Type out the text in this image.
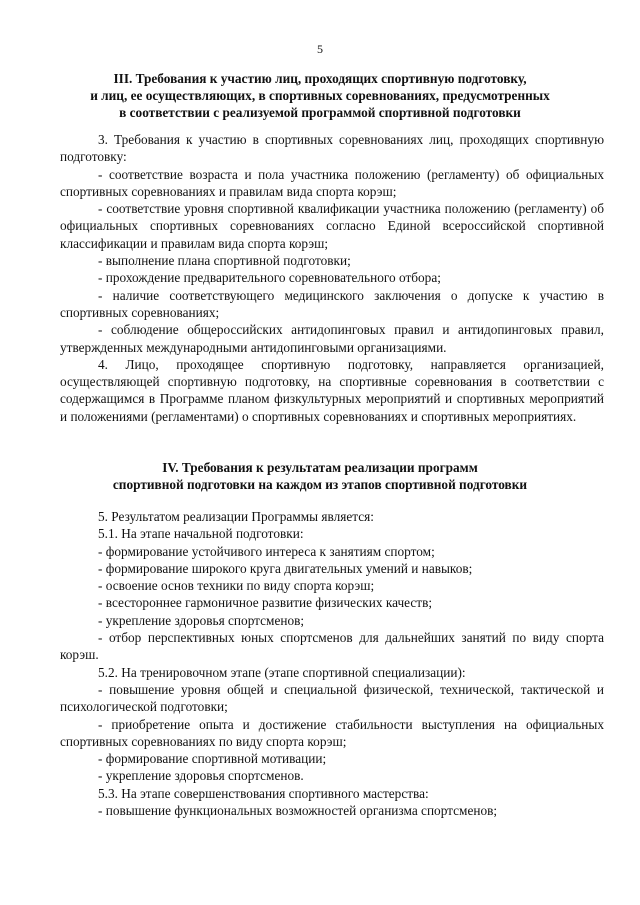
5
III. Требования к участию лиц, проходящих спортивную подготовку,
и лиц, ее осуществляющих, в спортивных соревнованиях, предусмотренных
в соответствии с реализуемой программой спортивной подготовки

3. Требования к участию в спортивных соревнованиях лиц, проходящих спортивную подготовку:

- соответствие возраста и пола участника положению (регламенту) об официальных спортивных соревнованиях и правилам вида спорта корэш;

- соответствие уровня спортивной квалификации участника положению (регламенту) об официальных спортивных соревнованиях согласно Единой всероссийской спортивной классификации и правилам вида спорта корэш;

- выполнение плана спортивной подготовки;

- прохождение предварительного соревновательного отбора;

- наличие соответствующего медицинского заключения о допуске к участию в спортивных соревнованиях;

- соблюдение общероссийских антидопинговых правил и антидопинговых правил, утвержденных международными антидопинговыми организациями.

4. Лицо, проходящее спортивную подготовку, направляется организацией, осуществляющей спортивную подготовку, на спортивные соревнования в соответствии с содержащимся в Программе планом физкультурных мероприятий и спортивных мероприятий и положениями (регламентами) о спортивных соревнованиях и спортивных мероприятиях.

IV. Требования к результатам реализации программ
спортивной подготовки на каждом из этапов спортивной подготовки

5. Результатом реализации Программы является:

5.1. На этапе начальной подготовки:

- формирование устойчивого интереса к занятиям спортом;

- формирование широкого круга двигательных умений и навыков;

- освоение основ техники по виду спорта корэш;

- всестороннее гармоничное развитие физических качеств;

- укрепление здоровья спортсменов;

- отбор перспективных юных спортсменов для дальнейших занятий по виду спорта корэш.

5.2. На тренировочном этапе (этапе спортивной специализации):

- повышение уровня общей и специальной физической, технической, тактической и психологической подготовки;

- приобретение опыта и достижение стабильности выступления на официальных спортивных соревнованиях по виду спорта корэш;

- формирование спортивной мотивации;

- укрепление здоровья спортсменов.

5.3. На этапе совершенствования спортивного мастерства:

- повышение функциональных возможностей организма спортсменов;
